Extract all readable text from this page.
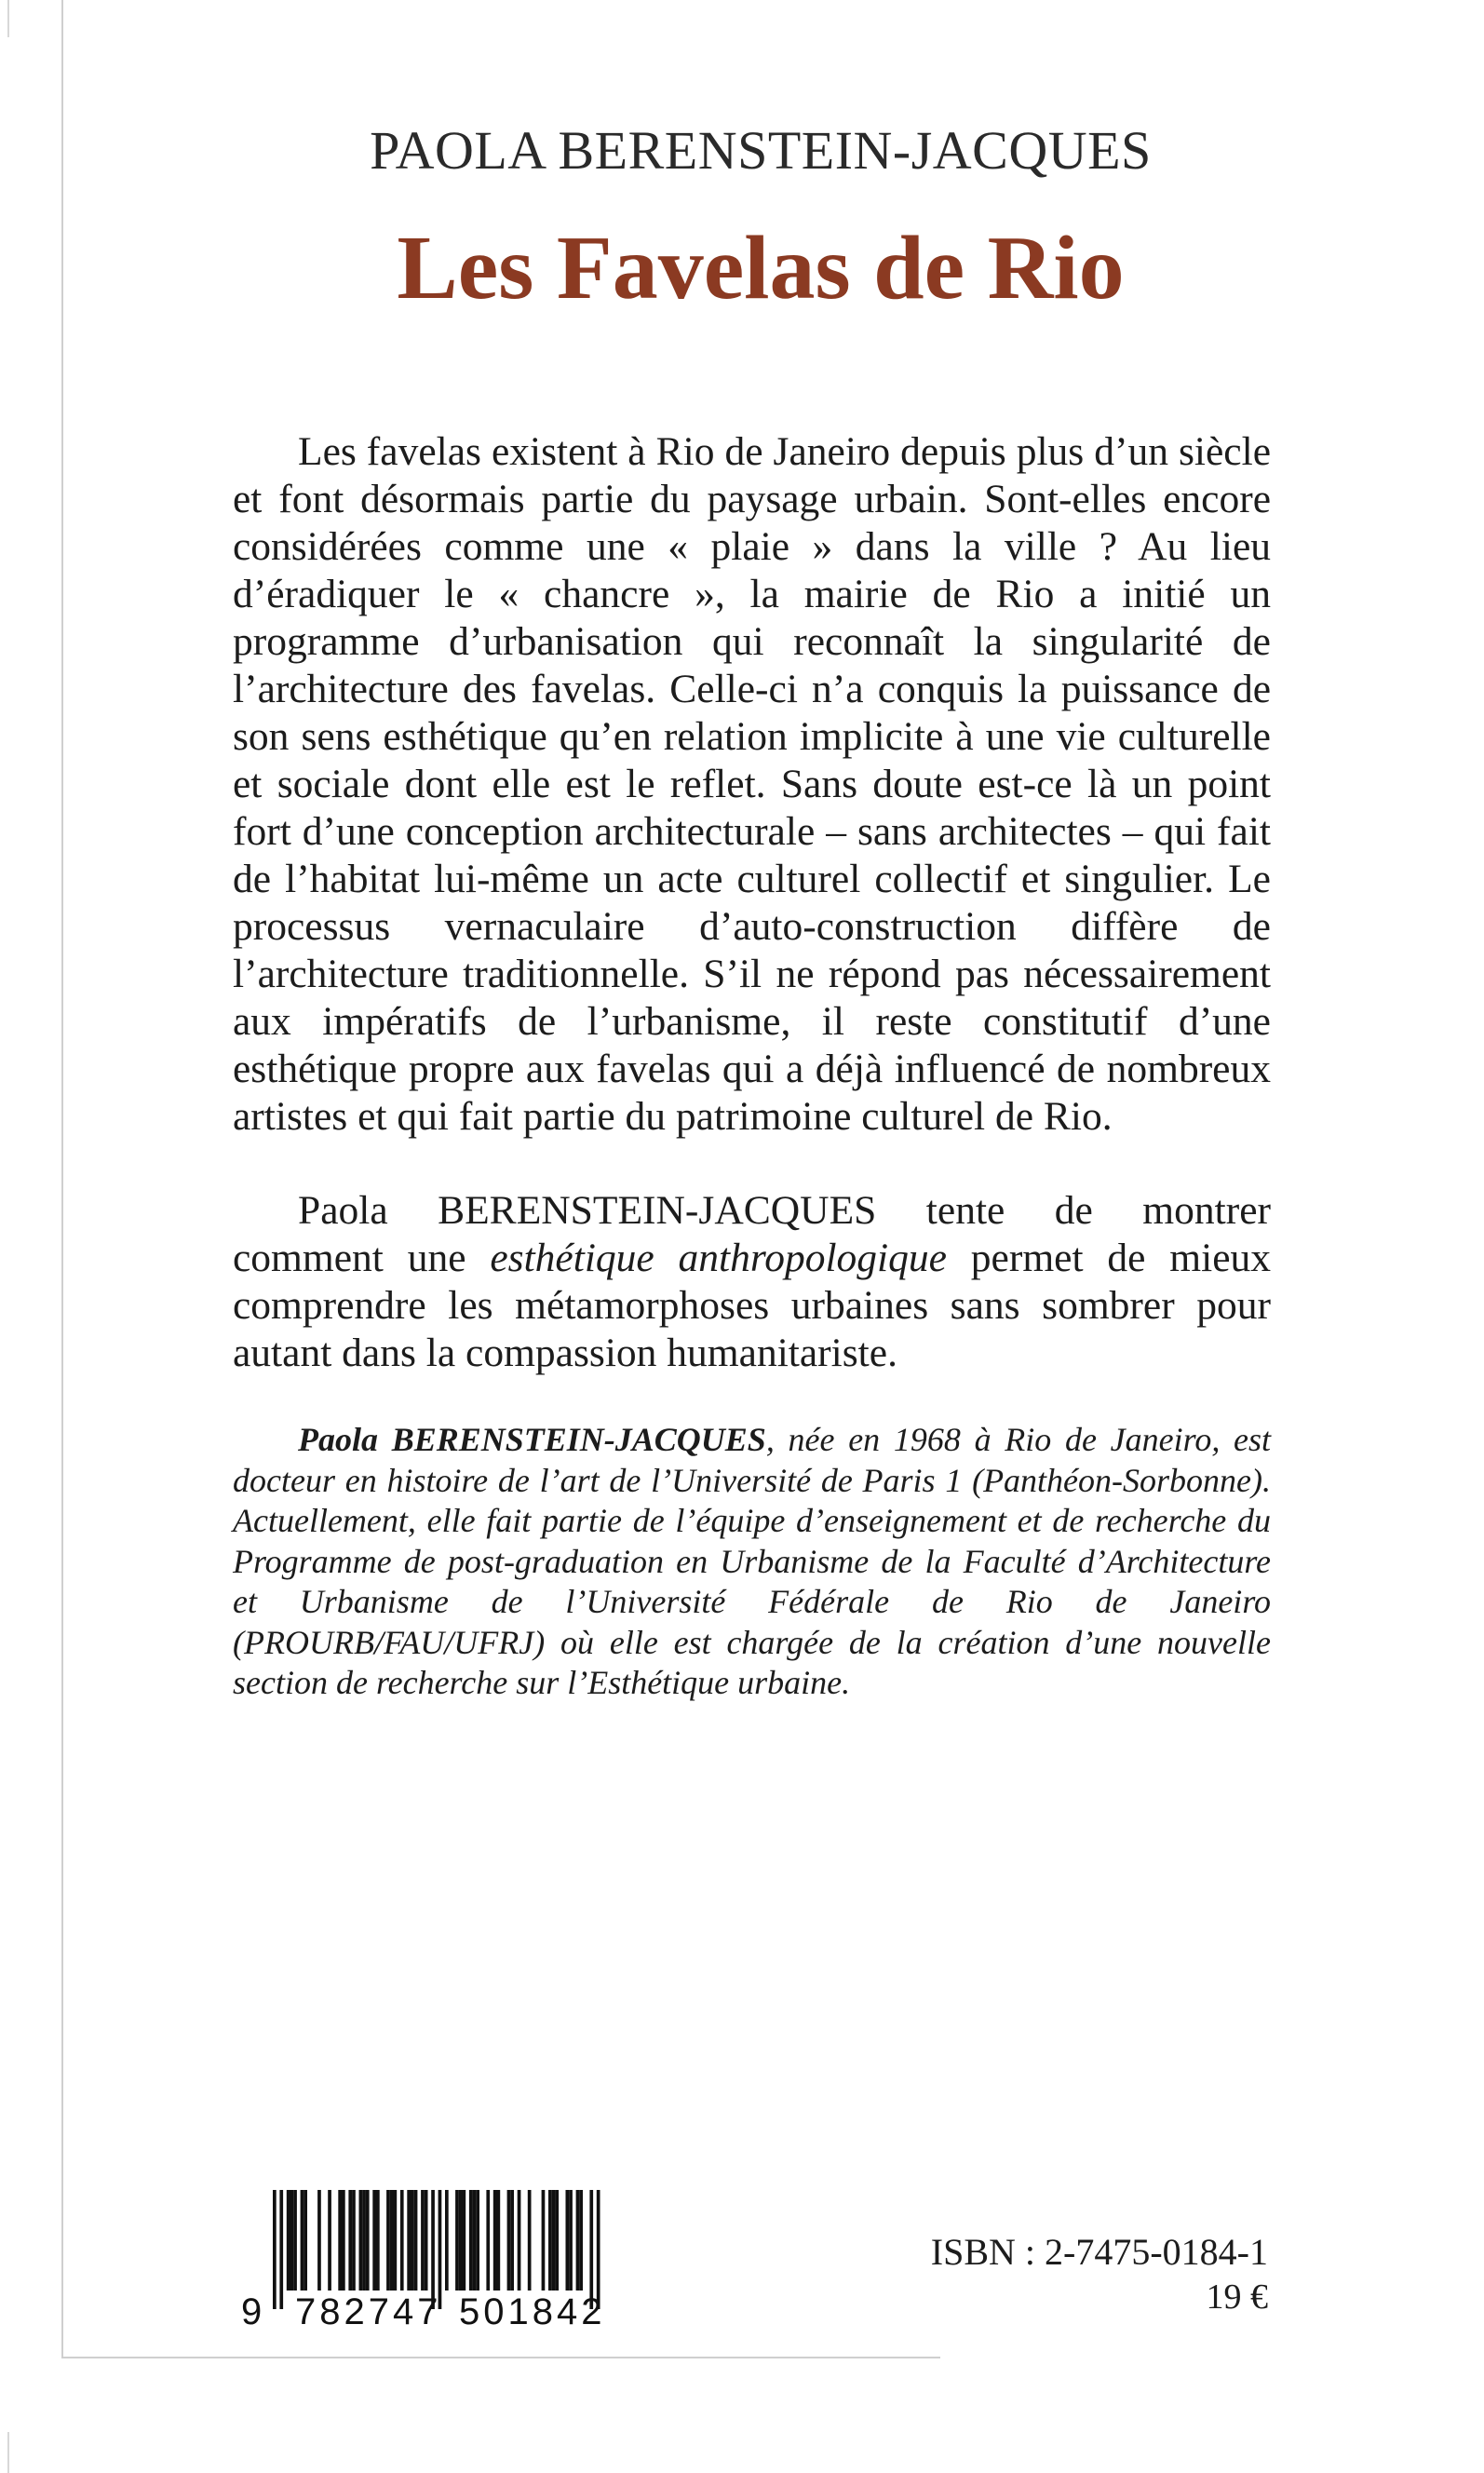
PAOLA BERENSTEIN-JACQUES
Les Favelas de Rio

Les favelas existent à Rio de Janeiro depuis plus d’un siècle et font désormais partie du paysage urbain. Sont-elles encore considérées comme une « plaie » dans la ville ? Au lieu d’éradiquer le « chancre », la mairie de Rio a initié un programme d’urbanisation qui reconnaît la singularité de l’architecture des favelas. Celle-ci n’a conquis la puissance de son sens esthétique qu’en relation implicite à une vie culturelle et sociale dont elle est le reflet. Sans doute est-ce là un point fort d’une conception architecturale – sans architectes – qui fait de l’habitat lui-même un acte culturel collectif et singulier. Le processus vernaculaire d’auto-construction diffère de l’architecture traditionnelle. S’il ne répond pas nécessairement aux impératifs de l’urbanisme, il reste constitutif d’une esthétique propre aux favelas qui a déjà influencé de nombreux artistes et qui fait partie du patrimoine culturel de Rio.

Paola BERENSTEIN-JACQUES tente de montrer comment une esthétique anthropologique permet de mieux comprendre les métamorphoses urbaines sans sombrer pour autant dans la compassion humanitariste.

Paola BERENSTEIN-JACQUES, née en 1968 à Rio de Janeiro, est docteur en histoire de l’art de l’Université de Paris 1 (Panthéon-Sorbonne). Actuellement, elle fait partie de l’équipe d’enseignement et de recherche du Programme de post-graduation en Urbanisme de la Faculté d’Architecture et Urbanisme de l’Université Fédérale de Rio de Janeiro (PROURB/FAU/UFRJ) où elle est chargée de la création d’une nouvelle section de recherche sur l’Esthétique urbaine.

9 782747 501842
ISBN : 2-7475-0184-1
19 €
